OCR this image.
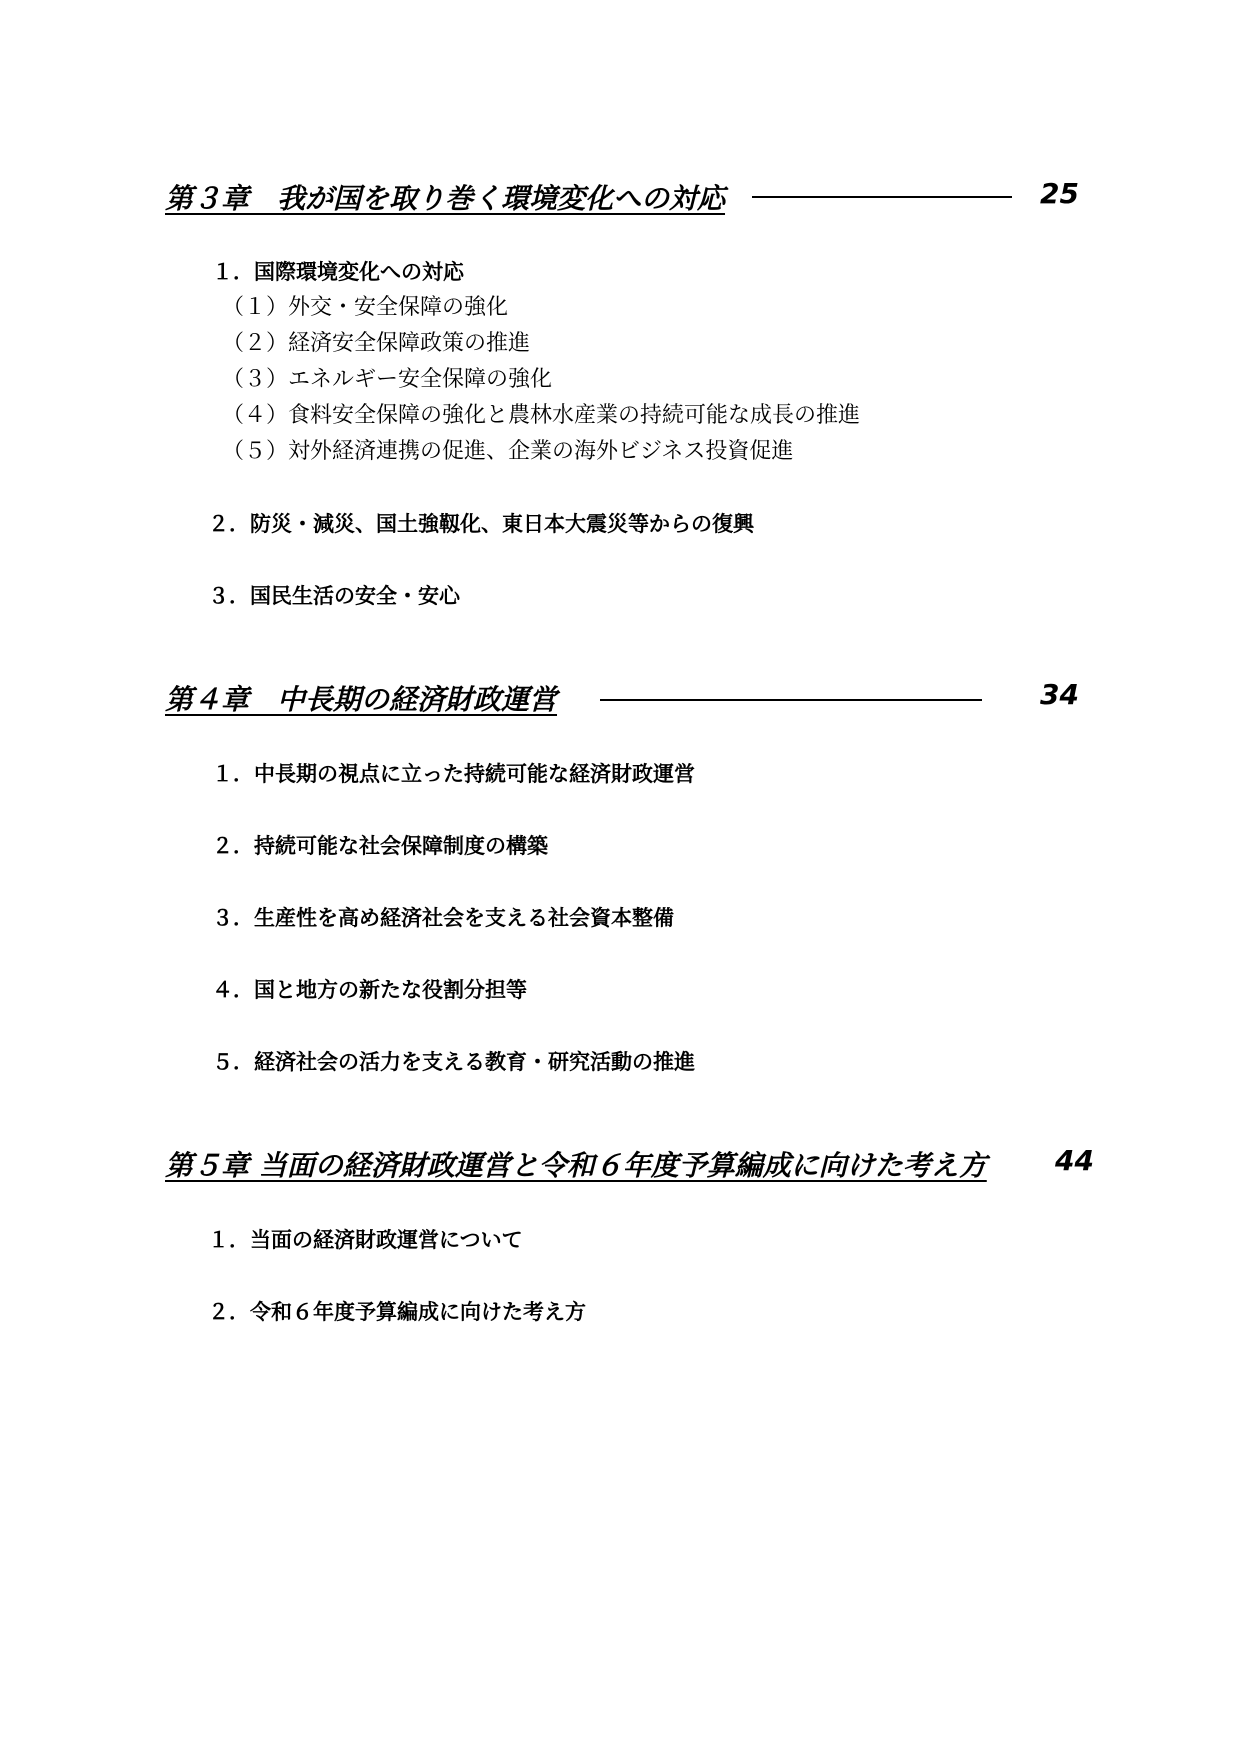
第３章　我が国を取り巻く環境変化への対応	25
１．国際環境変化への対応
（１）外交・安全保障の強化
（２）経済安全保障政策の推進
（３）エネルギー安全保障の強化
（４）食料安全保障の強化と農林水産業の持続可能な成長の推進
（５）対外経済連携の促進、企業の海外ビジネス投資促進
２．防災・減災、国土強靱化、東日本大震災等からの復興
３．国民生活の安全・安心
第４章　中長期の経済財政運営	34
１．中長期の視点に立った持続可能な経済財政運営
２．持続可能な社会保障制度の構築
３．生産性を高め経済社会を支える社会資本整備
４．国と地方の新たな役割分担等
５．経済社会の活力を支える教育・研究活動の推進
第５章 当面の経済財政運営と令和６年度予算編成に向けた考え方 44
１．当面の経済財政運営について
２．令和６年度予算編成に向けた考え方
